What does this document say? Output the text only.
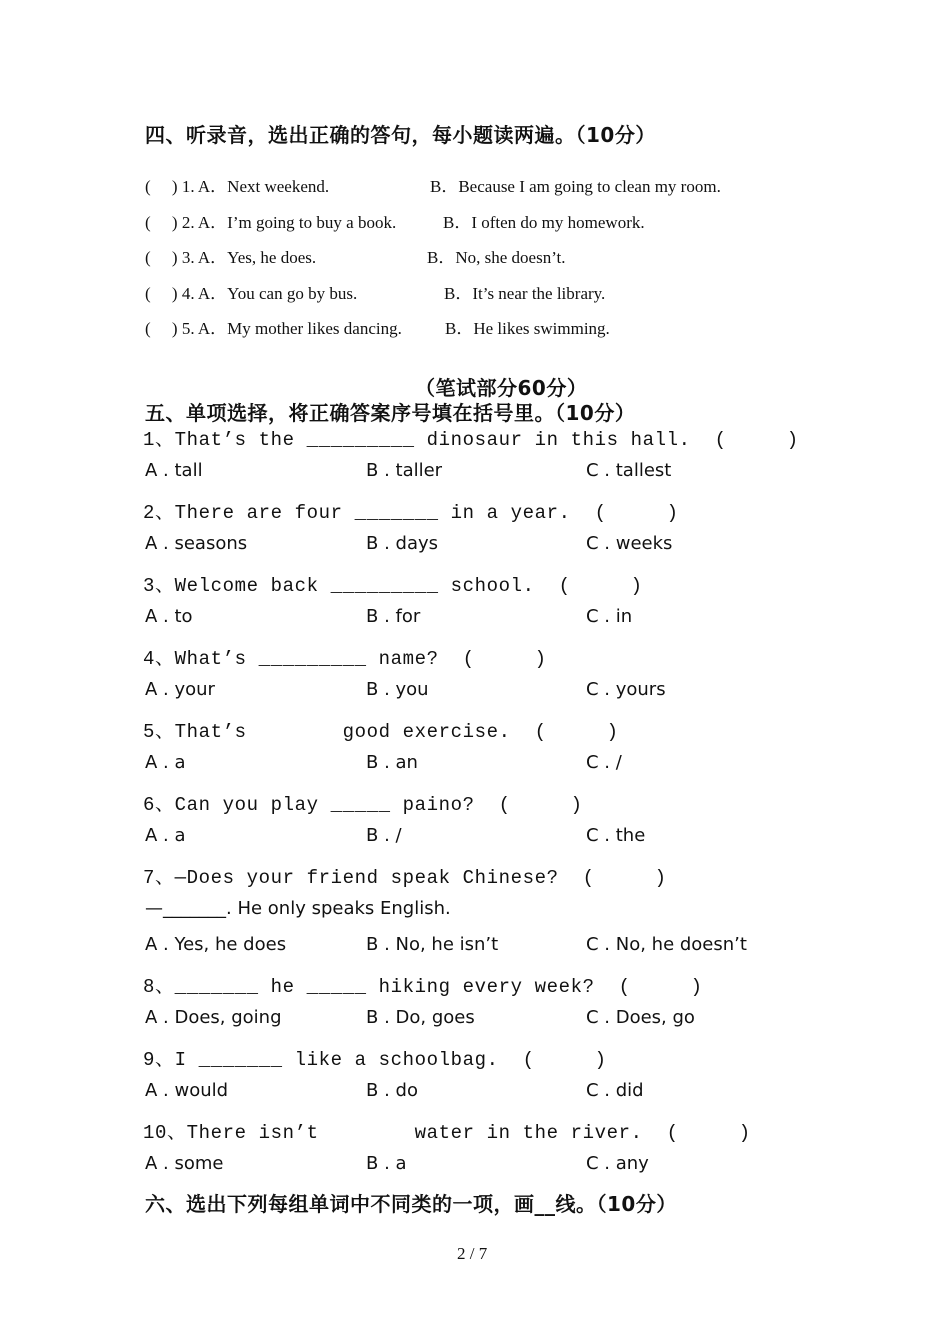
四、听录音，选出正确的答句，每小题读两遍。（10分）
(     ) 1. A．Next weekend.	B．Because I am going to clean my room.
(     ) 2. A．I’m going to buy a book.	B．I often do my homework.
(     ) 3. A．Yes, he does.	B．No, she doesn’t.
(     ) 4. A．You can go by bus.	B．It’s near the library.
(     ) 5. A．My mother likes dancing.	B．He likes swimming.
（笔试部分60分）
五、单项选择，将正确答案序号填在括号里。（10分）
1、That’s the _________ dinosaur in this hall.  (     )
A . tall	B . taller	C . tallest
2、There are four _______ in a year.  (     )
A . seasons	B . days	C . weeks
3、Welcome back _________ school.  (     )
A . to	B . for	C . in
4、What’s _________ name?  (     )
A . your	B . you	C . yours
5、That’s        good exercise.  (     )
A . a	B . an	C . /
6、Can you play _____ paino?  (     )
A . a	B . /	C . the
7、—Does your friend speak Chinese?  (     )
—_______. He only speaks English.
A . Yes, he does	B . No, he isn’t	C . No, he doesn’t
8、_______ he _____ hiking every week?  (     )
A . Does, going	B . Do, goes	C . Does, go
9、I _______ like a schoolbag.  (     )
A . would	B . do	C . did
10、There isn’t        water in the river.  (     )
A . some	B . a	C . any
六、选出下列每组单词中不同类的一项，画__线。（10分）
2 / 7
